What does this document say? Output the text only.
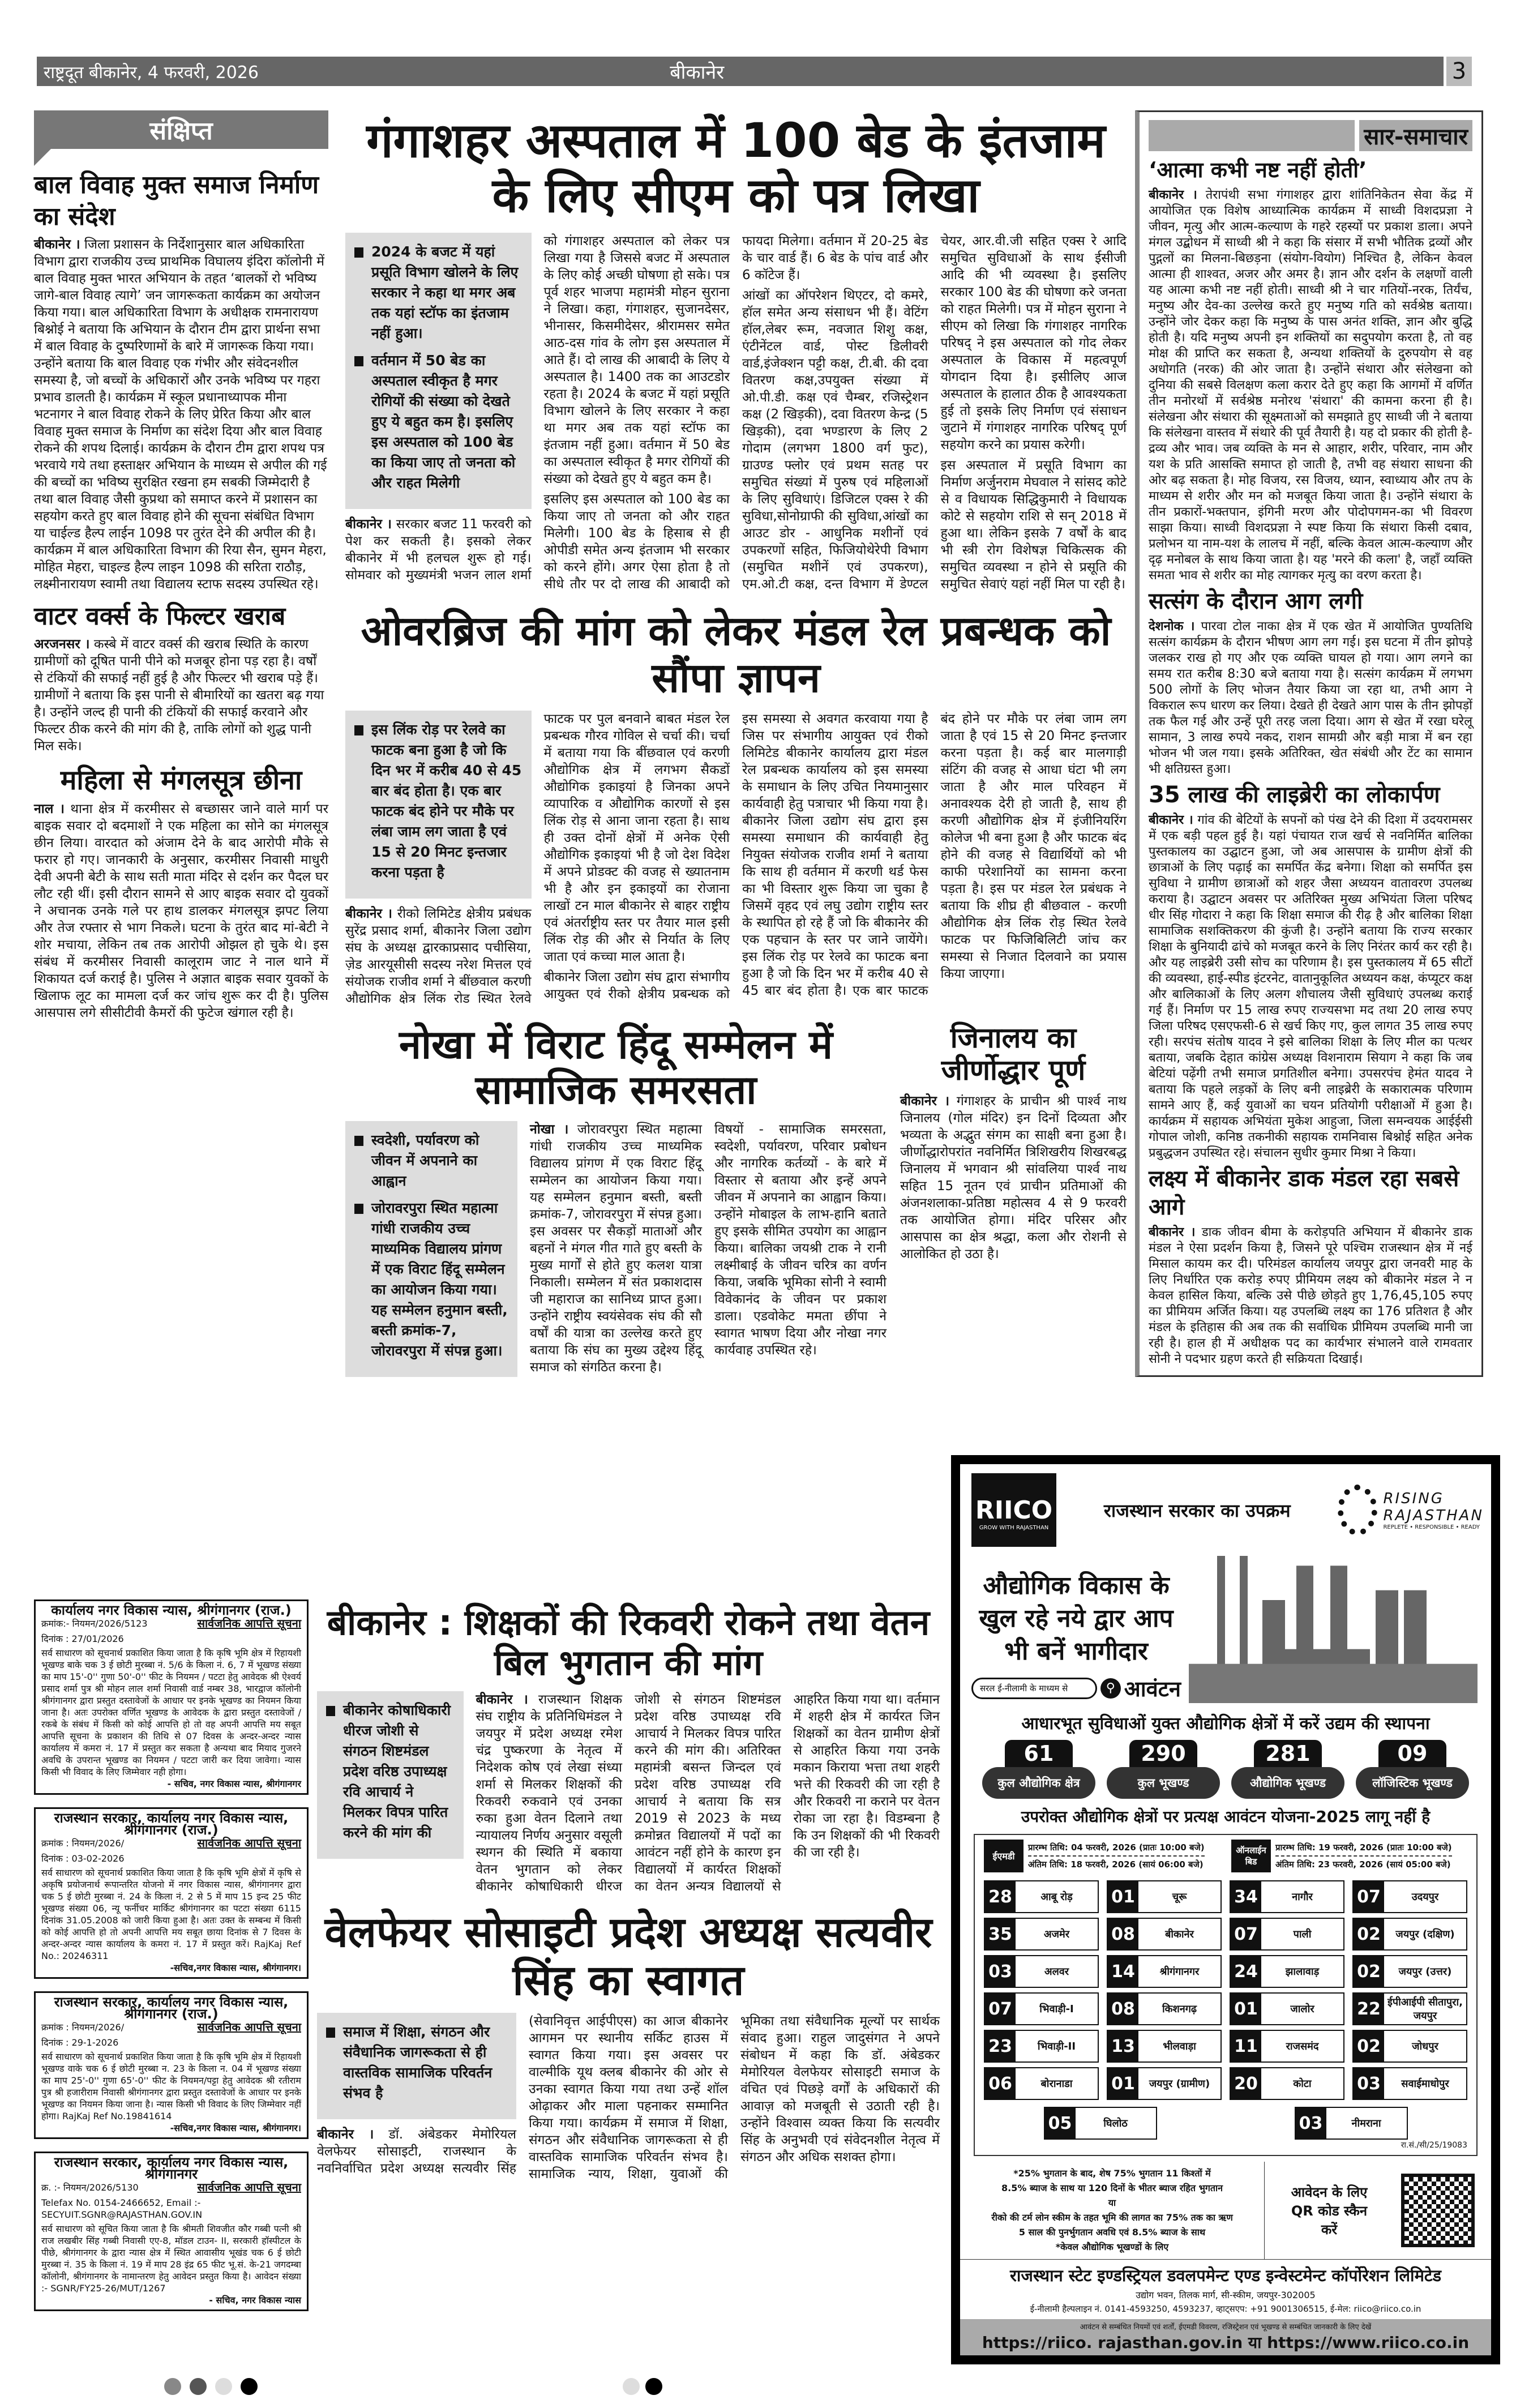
राष्ट्रदूत बीकानेर, 4 फरवरी, 2026	बीकानेर	3
संक्षिप्त
बाल विवाह मुक्त समाज निर्माण का संदेश
बीकानेर । जिला प्रशासन के निर्देशानुसार बाल अधिकारिता विभाग द्वारा राजकीय उच्च प्राथमिक विघालय इंदिरा कॉलोनी में बाल विवाह मुक्त भारत अभियान के तहत ‘बालकों रो भविष्य जागे-बाल विवाह त्यागे’ जन जागरूकता कार्यक्रम का अयोजन किया गया। बाल अधिकारिता विभाग के अधीक्षक रामनारायण बिश्नोई ने बताया कि अभियान के दौरान टीम द्वारा प्रार्थना सभा में बाल विवाह के दुष्परिणामों के बारे में जागरूक किया गया। उन्होंने बताया कि बाल विवाह एक गंभीर और संवेदनशील समस्या है, जो बच्चों के अधिकारों और उनके भविष्य पर गहरा प्रभाव डालती है। कार्यक्रम में स्कूल प्रधानाध्यापक मीना भटनागर ने बाल विवाह रोकने के लिए प्रेरित किया और बाल विवाह मुक्त समाज के निर्माण का संदेश दिया और बाल विवाह रोकने की शपथ दिलाई। कार्यक्रम के दौरान टीम द्वारा शपथ पत्र भरवाये गये तथा हस्ताक्षर अभियान के माध्यम से अपील की गई की बच्चों का भविष्य सुरक्षित रखना हम सबकी जिम्मेदारी है तथा बाल विवाह जैसी कुप्रथा को समाप्त करने में प्रशासन का सहयोग करते हुए बाल विवाह होने की सूचना संबंधित विभाग या चाईल्ड हैल्प लाईन 1098 पर तुरंत देने की अपील की है। कार्यक्रम में बाल अधिकारिता विभाग की रिया सैन, सुमन मेहरा, मोहित मेहरा, चाइल्ड हैल्प लाइन 1098 की सरिता राठौड़, लक्ष्मीनारायण स्वामी तथा विद्यालय स्टाफ सदस्य उपस्थित रहे।
वाटर वर्क्स के फिल्टर खराब
अरजनसर । कस्बे में वाटर वर्क्स की खराब स्थिति के कारण ग्रामीणों को दूषित पानी पीने को मजबूर होना पड़ रहा है। वर्षों से टंकियों की सफाई नहीं हुई है और फिल्टर भी खराब पड़े हैं। ग्रामीणों ने बताया कि इस पानी से बीमारियों का खतरा बढ़ गया है। उन्होंने जल्द ही पानी की टंकियों की सफाई करवाने और फिल्टर ठीक करने की मांग की है, ताकि लोगों को शुद्ध पानी मिल सके।
महिला से मंगलसूत्र छीना
नाल । थाना क्षेत्र में करमीसर से बच्छासर जाने वाले मार्ग पर बाइक सवार दो बदमाशों ने एक महिला का सोने का मंगलसूत्र छीन लिया। वारदात को अंजाम देने के बाद आरोपी मौके से फरार हो गए। जानकारी के अनुसार, करमीसर निवासी माधुरी देवी अपनी बेटी के साथ सती माता मंदिर से दर्शन कर पैदल घर लौट रही थीं। इसी दौरान सामने से आए बाइक सवार दो युवकों ने अचानक उनके गले पर हाथ डालकर मंगलसूत्र झपट लिया और तेज रफ्तार से भाग निकले। घटना के तुरंत बाद मां-बेटी ने शोर मचाया, लेकिन तब तक आरोपी ओझल हो चुके थे। इस संबंध में करमीसर निवासी कालूराम जाट ने नाल थाने में शिकायत दर्ज कराई है। पुलिस ने अज्ञात बाइक सवार युवकों के खिलाफ लूट का मामला दर्ज कर जांच शुरू कर दी है। पुलिस आसपास लगे सीसीटीवी कैमरों की फुटेज खंगाल रही है।
गंगाशहर अस्पताल में 100 बेड के इंतजाम के लिए सीएम को पत्र लिखा
2024 के बजट में यहां प्रसूति विभाग खोलने के लिए सरकार ने कहा था मगर अब तक यहां स्टॉफ का इंतजाम नहीं हुआ।
वर्तमान में 50 बेड का अस्पताल स्वीकृत है मगर रोगियों की संख्या को देखते हुए ये बहुत कम है। इसलिए इस अस्पताल को 100 बेड का किया जाए तो जनता को और राहत मिलेगी

बीकानेर । सरकार बजट 11 फरवरी को पेश कर सकती है। इसको लेकर बीकानेर में भी हलचल शुरू हो गई। सोमवार को मुख्यमंत्री भजन लाल शर्मा को गंगाशहर अस्पताल को लेकर पत्र लिखा गया है जिससे बजट में अस्पताल के लिए कोई अच्छी घोषणा हो सके। पत्र पूर्व शहर भाजपा महामंत्री मोहन सुराना ने लिखा। कहा, गंगाशहर, सुजानदेसर, भीनासर, किसमीदेसर, श्रीरामसर समेत आठ-दस गांव के लोग इस अस्पताल में आते हैं। दो लाख की आबादी के लिए ये अस्पताल है। 1400 तक का आउटडोर रहता है। 2024 के बजट में यहां प्रसूति विभाग खोलने के लिए सरकार ने कहा था मगर अब तक यहां स्टॉफ का इंतजाम नहीं हुआ। वर्तमान में 50 बेड का अस्पताल स्वीकृत है मगर रोगियों की संख्या को देखते हुए ये बहुत कम है।

इसलिए इस अस्पताल को 100 बेड का किया जाए तो जनता को और राहत मिलेगी। 100 बेड के हिसाब से ही ओपीडी समेत अन्य इंतजाम भी सरकार को करने होंगे। अगर ऐसा होता है तो सीधे तौर पर दो लाख की आबादी को फायदा मिलेगा। वर्तमान में 20-25 बेड के चार वार्ड हैं। 6 बेड के पांच वार्ड और 6 कॉटेज हैं।

आंखों का ऑपरेशन थिएटर, दो कमरे, हॉल समेत अन्य संसाधन भी हैं। वेटिंग हॉल,लेबर रूम, नवजात शिशु कक्ष, एंटीनेंटल वार्ड, पोस्ट डिलीवरी वार्ड,इंजेक्शन पट्टी कक्ष, टी.बी. की दवा वितरण कक्ष,उपयुक्त संख्या में ओ.पी.डी. कक्ष एवं चैम्बर, रजिस्ट्रेशन कक्ष (2 खिड़की), दवा वितरण केन्द्र (5 खिड़की), दवा भण्डारण के लिए 2 गोदाम (लगभग 1800 वर्ग फुट), ग्राउण्ड फ्लोर एवं प्रथम सतह पर समुचित संख्यां में पुरुष एवं महिलाओं के लिए सुविधाएं। डिजिटल एक्स रे की सुविधा,सोनोग्राफी की सुविधा,आंखों का आउट डोर - आधुनिक मशीनों एवं उपकरणों सहित, फिजियोथेरेपी विभाग (समुचित मशीनें एवं उपकरण), एम.ओ.टी कक्ष, दन्त विभाग में डेण्टल चेयर, आर.वी.जी सहित एक्स रे आदि समुचित सुविधाओं के साथ ईसीजी आदि की भी व्यवस्था है। इसलिए सरकार 100 बेड की घोषणा करे जनता को राहत मिलेगी। पत्र में मोहन सुराना ने सीएम को लिखा कि गंगाशहर नागरिक परिषद् ने इस अस्पताल को गोद लेकर अस्पताल के विकास में महत्वपूर्ण योगदान दिया है। इसीलिए आज अस्पताल के हालात ठीक है आवश्यकता हुई तो इसके लिए निर्माण एवं संसाधन जुटाने में गंगाशहर नागरिक परिषद् पूर्ण सहयोग करने का प्रयास करेगी।

इस अस्पताल में प्रसूति विभाग का निर्माण अर्जुनराम मेघवाल ने सांसद कोटे से व विधायक सिद्धिकुमारी ने विधायक कोटे से सहयोग राशि से सन् 2018 में हुआ था। लेकिन इसके 7 वर्षों के बाद भी स्त्री रोग विशेषज्ञ चिकित्सक की समुचित व्यवस्था न होने से प्रसूति की समुचित सेवाएं यहां नहीं मिल पा रही है।

ओवरब्रिज की मांग को लेकर मंडल रेल प्रबन्धक को सौंपा ज्ञापन
इस लिंक रोड़ पर रेलवे का फाटक बना हुआ है जो कि दिन भर में करीब 40 से 45 बार बंद होता है। एक बार फाटक बंद होने पर मौके पर लंबा जाम लग जाता है एवं 15 से 20 मिनट इन्तजार करना पड़ता है

बीकानेर । रीको लिमिटेड क्षेत्रीय प्रबंधक सुरेंद्र प्रसाद शर्मा, बीकानेर जिला उद्योग संघ के अध्यक्ष द्वारकाप्रसाद पचीसिया, ज़ेड आरयूसीसी सदस्य नरेश मित्तल एवं संयोजक राजीव शर्मा ने बींछवाल करणी औद्योगिक क्षेत्र लिंक रोड स्थित रेलवे फाटक पर पुल बनवाने बाबत मंडल रेल प्रबन्धक गौरव गोविल से चर्चा की। चर्चा में बताया गया कि बींछवाल एवं करणी औद्योगिक क्षेत्र में लगभग सैकडों औद्योगिक इकाइयां है जिनका अपने व्यापारिक व औद्योगिक कारणों से इस लिंक रोड़ से आना जाना रहता है। साथ ही उक्त दोनों क्षेत्रों में अनेक ऐसी औद्योगिक इकाइयां भी है जो देश विदेश में अपने प्रोडक्ट की वजह से ख्यातनाम भी है और इन इकाइयों का रोजाना लाखों टन माल बीकानेर से बाहर राष्ट्रीय एवं अंतर्राष्ट्रीय स्तर पर तैयार माल इसी लिंक रोड़ की और से निर्यात के लिए जाता एवं कच्चा माल आता है।

बीकानेर जिला उद्योग संघ द्वारा संभागीय आयुक्त एवं रीको क्षेत्रीय प्रबन्धक को इस समस्या से अवगत करवाया गया है जिस पर संभागीय आयुक्त एवं रीको लिमिटेड बीकानेर कार्यालय द्वारा मंडल रेल प्रबन्धक कार्यालय को इस समस्या के समाधान के लिए उचित नियमानुसार कार्यवाही हेतु पत्राचार भी किया गया है। बीकानेर जिला उद्योग संघ द्वारा इस समस्या समाधान की कार्यवाही हेतु नियुक्त संयोजक राजीव शर्मा ने बताया कि साथ ही वर्तमान में करणी थर्ड फेस का भी विस्तार शुरू किया जा चुका है जिसमें वृहद एवं लघु उद्योग राष्ट्रीय स्तर के स्थापित हो रहे हैं जो कि बीकानेर की एक पहचान के स्तर पर जाने जायेंगे। इस लिंक रोड़ पर रेलवे का फाटक बना हुआ है जो कि दिन भर में करीब 40 से 45 बार बंद होता है। एक बार फाटक बंद होने पर मौके पर लंबा जाम लग जाता है एवं 15 से 20 मिनट इन्तजार करना पड़ता है। कई बार मालगाड़ी संटिंग की वजह से आधा घंटा भी लग जाता है और माल परिवहन में अनावश्यक देरी हो जाती है, साथ ही करणी औद्योगिक क्षेत्र में इंजीनियरिंग कोलेज भी बना हुआ है और फाटक बंद होने की वजह से विद्यार्थियों को भी काफी परेशानियों का सामना करना पड़ता है। इस पर मंडल रेल प्रबंधक ने बताया कि शीघ्र ही बीछवाल - करणी औद्योगिक क्षेत्र लिंक रोड़ स्थित रेलवे फाटक पर फिजिबिलिटी जांच कर समस्या से निजात दिलवाने का प्रयास किया जाएगा।

नोखा में विराट हिंदू सम्मेलन में सामाजिक समरसता
स्वदेशी, पर्यावरण को जीवन में अपनाने का आह्वान
जोरावरपुरा स्थित महात्मा गांधी राजकीय उच्च माध्यमिक विद्यालय प्रांगण में एक विराट हिंदू सम्मेलन का आयोजन किया गया। यह सम्मेलन हनुमान बस्ती, बस्ती क्रमांक-7, जोरावरपुरा में संपन्न हुआ।

नोखा । जोरावरपुरा स्थित महात्मा गांधी राजकीय उच्च माध्यमिक विद्यालय प्रांगण में एक विराट हिंदू सम्मेलन का आयोजन किया गया। यह सम्मेलन हनुमान बस्ती, बस्ती क्रमांक-7, जोरावरपुरा में संपन्न हुआ। इस अवसर पर सैकड़ों माताओं और बहनों ने मंगल गीत गाते हुए बस्ती के मुख्य मार्गों से होते हुए कलश यात्रा निकाली। सम्मेलन में संत प्रकाशदास जी महाराज का सानिध्य प्राप्त हुआ। उन्होंने राष्ट्रीय स्वयंसेवक संघ की सौ वर्षों की यात्रा का उल्लेख करते हुए बताया कि संघ का मुख्य उद्देश्य हिंदू समाज को संगठित करना है।

विषयों - सामाजिक समरसता, स्वदेशी, पर्यावरण, परिवार प्रबोधन और नागरिक कर्तव्यों - के बारे में विस्तार से बताया और इन्हें अपने जीवन में अपनाने का आह्वान किया। उन्होंने मोबाइल के लाभ-हानि बताते हुए इसके सीमित उपयोग का आह्वान किया। बालिका जयश्री टाक ने रानी लक्ष्मीबाई के जीवन चरित्र का वर्णन किया, जबकि भूमिका सोनी ने स्वामी विवेकानंद के जीवन पर प्रकाश डाला। एडवोकेट ममता छींपा ने स्वागत भाषण दिया और नोखा नगर कार्यवाह उपस्थित रहे।

जिनालय का जीर्णोद्धार पूर्ण
बीकानेर । गंगाशहर के प्राचीन श्री पार्श्व नाथ जिनालय (गोल मंदिर) इन दिनों दिव्यता और भव्यता के अद्भुत संगम का साक्षी बना हुआ है। जीर्णोद्धारोपरांत नवनिर्मित त्रिशिखरीय शिखरबद्ध जिनालय में भगवान श्री सांवलिया पार्श्व नाथ सहित 15 नूतन एवं प्राचीन प्रतिमाओं की अंजनशलाका-प्रतिष्ठा महोत्सव 4 से 9 फरवरी तक आयोजित होगा। मंदिर परिसर और आसपास का क्षेत्र श्रद्धा, कला और रोशनी से आलोकित हो उठा है।
सार-समाचार
‘आत्मा कभी नष्ट नहीं होती’
बीकानेर । तेरापंथी सभा गंगाशहर द्वारा शांतिनिकेतन सेवा केंद्र में आयोजित एक विशेष आध्यात्मिक कार्यक्रम में साध्वी विशदप्रज्ञा ने जीवन, मृत्यु और आत्म-कल्याण के गहरे रहस्यों पर प्रकाश डाला। अपने मंगल उद्बोधन में साध्वी श्री ने कहा कि संसार में सभी भौतिक द्रव्यों और पुद्गलों का मिलना-बिछड़ना (संयोग-वियोग) निश्चित है, लेकिन केवल आत्मा ही शाश्वत, अजर और अमर है। ज्ञान और दर्शन के लक्षणों वाली यह आत्मा कभी नष्ट नहीं होती। साध्वी श्री ने चार गतियों-नरक, तिर्यंच, मनुष्य और देव-का उल्लेख करते हुए मनुष्य गति को सर्वश्रेष्ठ बताया। उन्होंने जोर देकर कहा कि मनुष्य के पास अनंत शक्ति, ज्ञान और बुद्धि होती है। यदि मनुष्य अपनी इन शक्तियों का सदुपयोग करता है, तो वह मोक्ष की प्राप्ति कर सकता है, अन्यथा शक्तियों के दुरुपयोग से वह अधोगति (नरक) की ओर जाता है। उन्होंने संथारा और संलेखना को दुनिया की सबसे विलक्षण कला करार देते हुए कहा कि आगमों में वर्णित तीन मनोरथों में सर्वश्रेष्ठ मनोरथ 'संथारा' की कामना करना ही है। संलेखना और संथारा की सूक्ष्मताओं को समझाते हुए साध्वी जी ने बताया कि संलेखना वास्तव में संथारे की पूर्व तैयारी है। यह दो प्रकार की होती है-द्रव्य और भाव। जब व्यक्ति के मन से आहार, शरीर, परिवार, नाम और यश के प्रति आसक्ति समाप्त हो जाती है, तभी वह संथारा साधना की ओर बढ़ सकता है। मोह विजय, रस विजय, ध्यान, स्वाध्याय और तप के माध्यम से शरीर और मन को मजबूत किया जाता है। उन्होंने संथारा के तीन प्रकारों-भक्तपान, इंगिनी मरण और पोदोपगमन-का भी विवरण साझा किया। साध्वी विशदप्रज्ञा ने स्पष्ट किया कि संथारा किसी दबाव, प्रलोभन या नाम-यश के लालच में नहीं, बल्कि केवल आत्म-कल्याण और दृढ़ मनोबल के साथ किया जाता है। यह 'मरने की कला' है, जहाँ व्यक्ति समता भाव से शरीर का मोह त्यागकर मृत्यु का वरण करता है।
सत्संग के दौरान आग लगी
देशनोक । पारवा टोल नाका क्षेत्र में एक खेत में आयोजित पुण्यतिथि सत्संग कार्यक्रम के दौरान भीषण आग लग गई। इस घटना में तीन झोपड़े जलकर राख हो गए और एक व्यक्ति घायल हो गया। आग लगने का समय रात करीब 8:30 बजे बताया गया है। सत्संग कार्यक्रम में लगभग 500 लोगों के लिए भोजन तैयार किया जा रहा था, तभी आग ने विकराल रूप धारण कर लिया। देखते ही देखते आग पास के तीन झोपड़ों तक फैल गई और उन्हें पूरी तरह जला दिया। आग से खेत में रखा घरेलू सामान, 3 लाख रुपये नकद, राशन सामग्री और बड़ी मात्रा में बन रहा भोजन भी जल गया। इसके अतिरिक्त, खेत संबंधी और टेंट का सामान भी क्षतिग्रस्त हुआ।
35 लाख की लाइब्रेरी का लोकार्पण
बीकानेर । गांव की बेटियों के सपनों को पंख देने की दिशा में उदयरामसर में एक बड़ी पहल हुई है। यहां पंचायत राज खर्च से नवनिर्मित बालिका पुस्तकालय का उद्घाटन हुआ, जो अब आसपास के ग्रामीण क्षेत्रों की छात्राओं के लिए पढ़ाई का समर्पित केंद्र बनेगा। शिक्षा को समर्पित इस सुविधा ने ग्रामीण छात्राओं को शहर जैसा अध्ययन वातावरण उपलब्ध कराया है। उद्घाटन अवसर पर अतिरिक्त मुख्य अभियंता जिला परिषद धीर सिंह गोदारा ने कहा कि शिक्षा समाज की रीढ़ है और बालिका शिक्षा सामाजिक सशक्तिकरण की कुंजी है। उन्होंने बताया कि राज्य सरकार शिक्षा के बुनियादी ढांचे को मजबूत करने के लिए निरंतर कार्य कर रही है। और यह लाइब्रेरी उसी सोच का परिणाम है। इस पुस्तकालय में 65 सीटों की व्यवस्था, हाई-स्पीड इंटरनेट, वातानुकूलित अध्ययन कक्ष, कंप्यूटर कक्ष और बालिकाओं के लिए अलग शौचालय जैसी सुविधाएं उपलब्ध कराई गई हैं। निर्माण पर 15 लाख रुपए राज्यसभा मद तथा 20 लाख रुपए जिला परिषद एसएफसी-6 से खर्च किए गए, कुल लागत 35 लाख रुपए रही। सरपंच संतोष यादव ने इसे बालिका शिक्षा के लिए मील का पत्थर बताया, जबकि देहात कांग्रेस अध्यक्ष विशनाराम सियाग ने कहा कि जब बेटियां पढ़ेंगी तभी समाज प्रगतिशील बनेगा। उपसरपंच हेमंत यादव ने बताया कि पहले लड़कों के लिए बनी लाइब्रेरी के सकारात्मक परिणाम सामने आए हैं, कई युवाओं का चयन प्रतियोगी परीक्षाओं में हुआ है। कार्यक्रम में सहायक अभियंता मुकेश आहुजा, जिला समन्वयक आईईसी गोपाल जोशी, कनिष्ठ तकनीकी सहायक रामनिवास बिश्नोई सहित अनेक प्रबुद्धजन उपस्थित रहे। संचालन सुधीर कुमार मिश्रा ने किया।
लक्ष्य में बीकानेर डाक मंडल रहा सबसे आगे
बीकानेर । डाक जीवन बीमा के करोड़पति अभियान में बीकानेर डाक मंडल ने ऐसा प्रदर्शन किया है, जिसने पूरे पश्चिम राजस्थान क्षेत्र में नई मिसाल कायम कर दी। परिमंडल कार्यालय जयपुर द्वारा जनवरी माह के लिए निर्धारित एक करोड़ रुपए प्रीमियम लक्ष्य को बीकानेर मंडल ने न केवल हासिल किया, बल्कि उसे पीछे छोड़ते हुए 1,76,45,105 रुपए का प्रीमियम अर्जित किया। यह उपलब्धि लक्ष्य का 176 प्रतिशत है और मंडल के इतिहास की अब तक की सर्वाधिक प्रीमियम उपलब्धि मानी जा रही है। हाल ही में अधीक्षक पद का कार्यभार संभालने वाले रामवतार सोनी ने पदभार ग्रहण करते ही सक्रियता दिखाई।
बीकानेर : शिक्षकों की रिकवरी रोकने तथा वेतन बिल भुगतान की मांग
बीकानेर कोषाधिकारी धीरज जोशी से संगठन शिष्टमंडल प्रदेश वरिष्ठ उपाध्यक्ष रवि आचार्य ने मिलकर विपत्र पारित करने की मांग की

बीकानेर । राजस्थान शिक्षक संघ राष्ट्रीय के प्रतिनिधिमंडल ने जयपुर में प्रदेश अध्यक्ष रमेश चंद्र पुष्करणा के नेतृत्व में निदेशक कोष एवं लेखा संध्या शर्मा से मिलकर शिक्षकों की रिकवरी रुकवाने एवं उनका रुका हुआ वेतन दिलाने तथा न्यायालय निर्णय अनुसार वसूली स्थगन की स्थिति में बकाया वेतन भुगतान को लेकर बीकानेर कोषाधिकारी धीरज जोशी से संगठन शिष्टमंडल प्रदेश वरिष्ठ उपाध्यक्ष रवि आचार्य ने मिलकर विपत्र पारित करने की मांग की। अतिरिक्त महामंत्री बसन्त जिन्दल एवं प्रदेश वरिष्ठ उपाध्यक्ष रवि आचार्य ने बताया कि सत्र 2019 से 2023 के मध्य क्रमोन्नत विद्यालयों में पदों का आवंटन नहीं होने के कारण इन विद्यालयों में कार्यरत शिक्षकों का वेतन अन्यत्र विद्यालयों से आहरित किया गया था। वर्तमान में शहरी क्षेत्र में कार्यरत जिन शिक्षकों का वेतन ग्रामीण क्षेत्रों से आहरित किया गया उनके मकान किराया भत्ता तथा शहरी भत्ते की रिकवरी की जा रही है और रिकवरी ना कराने पर वेतन रोका जा रहा है। विडम्बना है कि उन शिक्षकों की भी रिकवरी की जा रही है।

वेलफेयर सोसाइटी प्रदेश अध्यक्ष सत्यवीर सिंह का स्वागत
समाज में शिक्षा, संगठन और संवैधानिक जागरूकता से ही वास्तविक सामाजिक परिवर्तन संभव है

बीकानेर । डॉ. अंबेडकर मेमोरियल वेलफेयर सोसाइटी, राजस्थान के नवनिर्वाचित प्रदेश अध्यक्ष सत्यवीर सिंह (सेवानिवृत्त आईपीएस) का आज बीकानेर आगमन पर स्थानीय सर्किट हाउस में स्वागत किया गया। इस अवसर पर वाल्मीकि यूथ क्लब बीकानेर की ओर से उनका स्वागत किया गया तथा उन्हें शॉल ओढ़ाकर और माला पहनाकर सम्मानित किया गया। कार्यक्रम में समाज में शिक्षा, संगठन और संवैधानिक जागरूकता से ही वास्तविक सामाजिक परिवर्तन संभव है। सामाजिक न्याय, शिक्षा, युवाओं की भूमिका तथा संवैधानिक मूल्यों पर सार्थक संवाद हुआ। राहुल जादुसंगत ने अपने संबोधन में कहा कि डॉ. अंबेडकर मेमोरियल वेलफेयर सोसाइटी समाज के वंचित एवं पिछड़े वर्गों के अधिकारों की आवाज़ को मजबूती से उठाती रही है। उन्होंने विश्वास व्यक्त किया कि सत्यवीर सिंह के अनुभवी एवं संवेदनशील नेतृत्व में संगठन और अधिक सशक्त होगा।

कार्यालय नगर विकास न्यास, श्रीगंगानगर (राज.)
क्रमांक:- नियमन/2026/5123	सार्वजनिक आपत्ति सूचना
दिनांक : 27/01/2026
सर्व साधारण को सूचनार्थ प्रकाशित किया जाता है कि कृषि भूमि क्षेत्र में रिहायशी भूखण्ड बाके चक 3 ई छोटी मुरब्बा नं. 5/6 के किला नं. 6, 7 में भूखण्ड संख्या का माप 15'-0'' गुणा 50'-0'' फीट के नियमन / पटटा हेतु आवेदक श्री ऐश्वर्य प्रसाद शर्मा पुत्र श्री मोहन लाल शर्मा निवासी वार्ड नम्बर 38, भारद्वाज कॉलोनी श्रीगंगानगर द्वारा प्रस्तुत दस्तावेजों के आधार पर इनके भूखण्ड का नियमन किया जाना है। अतः उपरोक्त वर्णित भूखण्ड के आवेदक के द्वारा प्रस्तुत दस्तावेजों / रकबे के संबंध में किसी को कोई आपत्ति हो तो वह अपनी आपत्ति मय सबूत आपत्ति सूचना के प्रकाशन की तिथि से 07 दिवस के अन्दर-अन्दर न्यास कार्यालय में कमरा नं. 17 में प्रस्तुत कर सकता है अन्यथा बाद मियाद गुजरने अवधि के उपरान्त भूखण्ड का नियमन / पटटा जारी कर दिया जावेगा। न्यास किसी भी विवाद के लिए जिम्मेवार नही होगा।
- सचिव, नगर विकास न्यास, श्रीगंगानगर
राजस्थान सरकार, कार्यालय नगर विकास न्यास, श्रीगंगानगर (राज.)
क्रमांक : नियमन/2026/	सार्वजनिक आपत्ति सूचना
दिनांक : 03-02-2026
सर्व साधारण को सूचनार्थ प्रकाशित किया जाता है कि कृषि भूमि क्षेत्रों में कृषि से अकृषि प्रयोजनार्थ रूपान्तरित योजनो में नगर विकास न्यास, श्रीगंगानगर द्वारा चक 5 ई छोटी मुरब्बा नं. 24 के किला नं. 2 से 5 में माप 15 इन्द 25 फीट भूखण्ड संख्या 06, न्यू फर्नीचर मार्किट श्रीगंगानगर का पटटा संख्या 6115 दिनांक 31.05.2008 को जारी किया हुआ है। अतः उक्त के सम्बन्ध में किसी को कोई आपत्ति हो तो अपनी आपत्ति मय सबूत छाया दिनांक से 7 दिवस के अन्दर-अन्दर न्यास कार्यालय के कमरा नं. 17 में प्रस्तुत करें। RajKaj Ref No.: 20246311
-सचिव,नगर विकास न्यास, श्रीगंगानगर।
राजस्थान सरकार, कार्यालय नगर विकास न्यास, श्रीगंगानगर (राज.)
क्रमांक : नियमन/2026/	सार्वजनिक आपत्ति सूचना
दिनांक : 29-1-2026
सर्व साधारण को सूचनार्थ प्रकाशित किया जाता है कि कृषि भूमि क्षेत्र में रिहायशी भूखण्ड वाके चक 6 ई छोटी मुरब्बा न. 23 के किला न. 04 में भूखण्ड संख्या का माप 25'-0'' गुणा 65'-0'' फीट के नियमन/पट्टा हेतु आवेदक श्री रतीराम पुत्र श्री हजारीराम निवासी श्रीगंगानगर द्वारा प्रस्तुत दस्तावेजों के आधार पर इनके भूखण्ड का नियमन किया जाना है। न्यास किसी भी विवाद के लिए जिम्मेवार नहीं होगा। RajKaj Ref No.19841614
-सचिव,नगर विकास न्यास, श्रीगंगानगर।
राजस्थान सरकार, कार्यालय नगर विकास न्यास, श्रीगंगानगर
क्र. :- नियमन/2026/5130	सार्वजनिक आपत्ति सूचना
Telefax No. 0154-2466652, Email :- SECYUIT.SGNR@RAJASTHAN.GOV.IN
सर्व साधारण को सूचित किया जाता है कि श्रीमती शिवजीत कौर गब्बी पत्नी श्री राज लखबीर सिंह गब्बी निवासी एए-8, मॉडल टाउन- II, सरकारी हॉस्पीटल के पीछे, श्रीगंगानगर के द्वारा न्यास क्षेत्र में स्थित आवासीय भूखंड चक 6 ई छोटी मुरब्बा नं. 35 के किला नं. 19 में माप 28 इंद्र 65 फीट भू.सं. के-21 जगदम्बा कॉलोनी, श्रीगंगानगर के नामान्तरण हेतु आवेदन प्रस्तुत किया है। आवेदन संख्या :- SGNR/FY25-26/MUT/1267
- सचिव, नगर विकास न्यास
RIICO
GROW WITH RAJASTHAN
राजस्थान सरकार का उपक्रम
RISING RAJASTHAN
REPLETE • RESPONSIBLE • READY
औद्योगिक विकास के खुल रहे नये द्वार आप भी बनें भागीदार
सरल ई-नीलामी के माध्यम से	⚲ आवंटन
आधारभूत सुविधाओं युक्त औद्योगिक क्षेत्रों में करें उद्यम की स्थापना
61
कुल औद्योगिक क्षेत्र
290
कुल भूखण्ड
281
औद्योगिक भूखण्ड
09
लॉजिस्टिक भूखण्ड
उपरोक्त औद्योगिक क्षेत्रों पर प्रत्यक्ष आवंटन योजना-2025 लागू नहीं है
ईएमडी
प्रारम्भ तिथि: 04 फरवरी, 2026 (प्रातः 10:00 बजे)
अंतिम तिथि: 18 फरवरी, 2026 (सायं 06:00 बजे)
ऑनलाईन बिड
प्रारम्भ तिथि: 19 फरवरी, 2026 (प्रातः 10:00 बजे)
अंतिम तिथि: 23 फरवरी, 2026 (सायं 05:00 बजे)
28	आबू रोड़	01	चूरू	34	नागौर	07	उदयपुर
35	अजमेर	08	बीकानेर	07	पाली	02	जयपुर (दक्षिण)
03	अलवर	14	श्रीगंगानगर	24	झालावाड़	02	जयपुर (उत्तर)
07	भिवाड़ी-I	08	किशनगढ़	01	जालोर	22 ईपीआईपी सीतापुरा, जयपुर
23	भिवाड़ी-II	13	भीलवाड़ा	11	राजसमंद	02	जोधपुर
06	बोरानाडा	01	जयपुर (ग्रामीण)	20	कोटा	03	सवाईमाधोपुर
05	घिलोठ	03	नीमराना
रा.सं./सी/25/19083
*25% भुगतान के बाद, शेष 75% भुगतान 11 किश्तों में
8.5% ब्याज के साथ या 120 दिनों के भीतर ब्याज रहित भुगतान
या
रीको की टर्म लोन स्कीम के तहत भूमि की लागत का 75% तक का ऋण
5 साल की पुनर्भुगतान अवधि एवं 8.5% ब्याज के साथ
*केवल औद्योगिक भूखण्डों के लिए
आवेदन के लिए QR कोड स्कैन करें
राजस्थान स्टेट इण्डस्ट्रियल डवलपमेन्ट एण्ड इन्वेस्टमेन्ट कॉर्पोरेशन लिमिटेड
उद्योग भवन, तिलक मार्ग, सी-स्कीम, जयपुर-302005
ई-नीलामी हैल्पलाइन नं. 0141-4593250, 4593237, व्हाट्सएप: +91 9001306515, ई-मेल: riico@riico.co.in
आवंटन से सम्बंधित नियमों एवं शर्तों, ईएमडी विवरण, रजिस्ट्रेशन एवं भूखण्ड से सम्बंधित जानकारी के लिए देखें
https://riico. rajasthan.gov.in या https://www.riico.co.in
